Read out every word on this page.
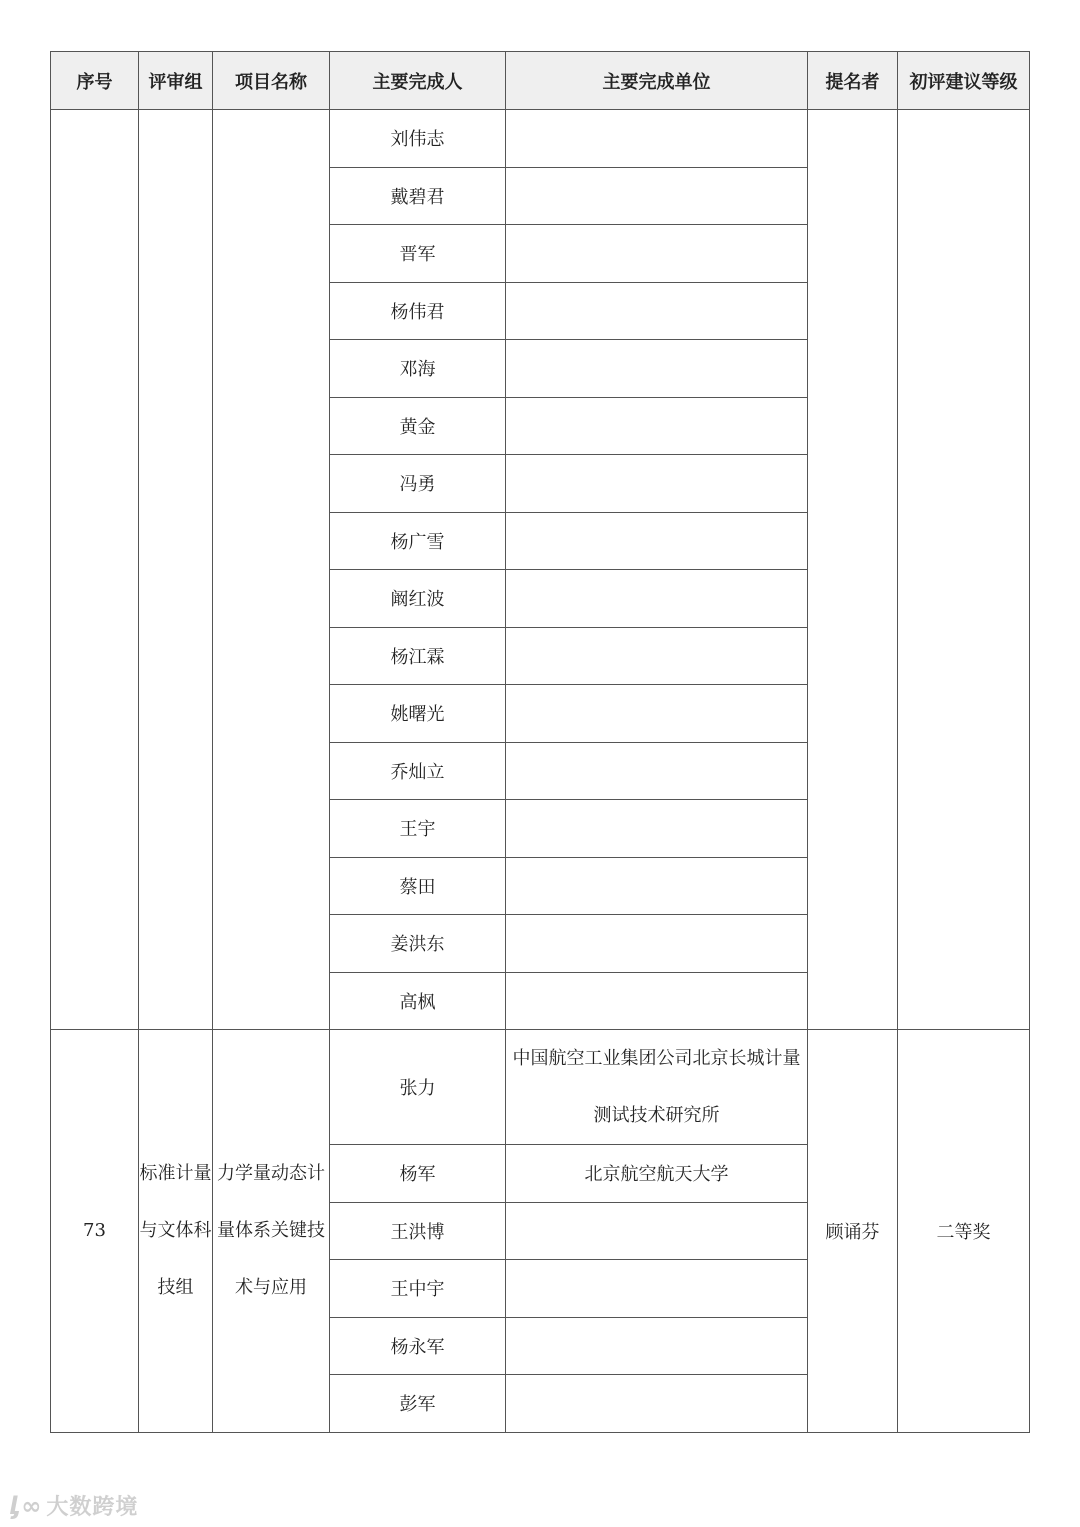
序号	评审组	项目名称	主要完成人	主要完成单位	提名者	初评建议等级
			刘伟志			
			戴碧君			
			晋军			
			杨伟君			
			邓海			
			黄金			
			冯勇			
			杨广雪			
			阚红波			
			杨江霖			
			姚曙光			
			乔灿立			
			王宇			
			蔡田			
			姜洪东			
			高枫			
73	标准计量与文体科技组	力学量动态计量体系关键技术与应用	张力	中国航空工业集团公司北京长城计量测试技术研究所	顾诵芬	二等奖
			杨军	北京航空航天大学		
			王洪博			
			王中宇			
			杨永军			
			彭军			
ᶅ∞ 大数跨境
